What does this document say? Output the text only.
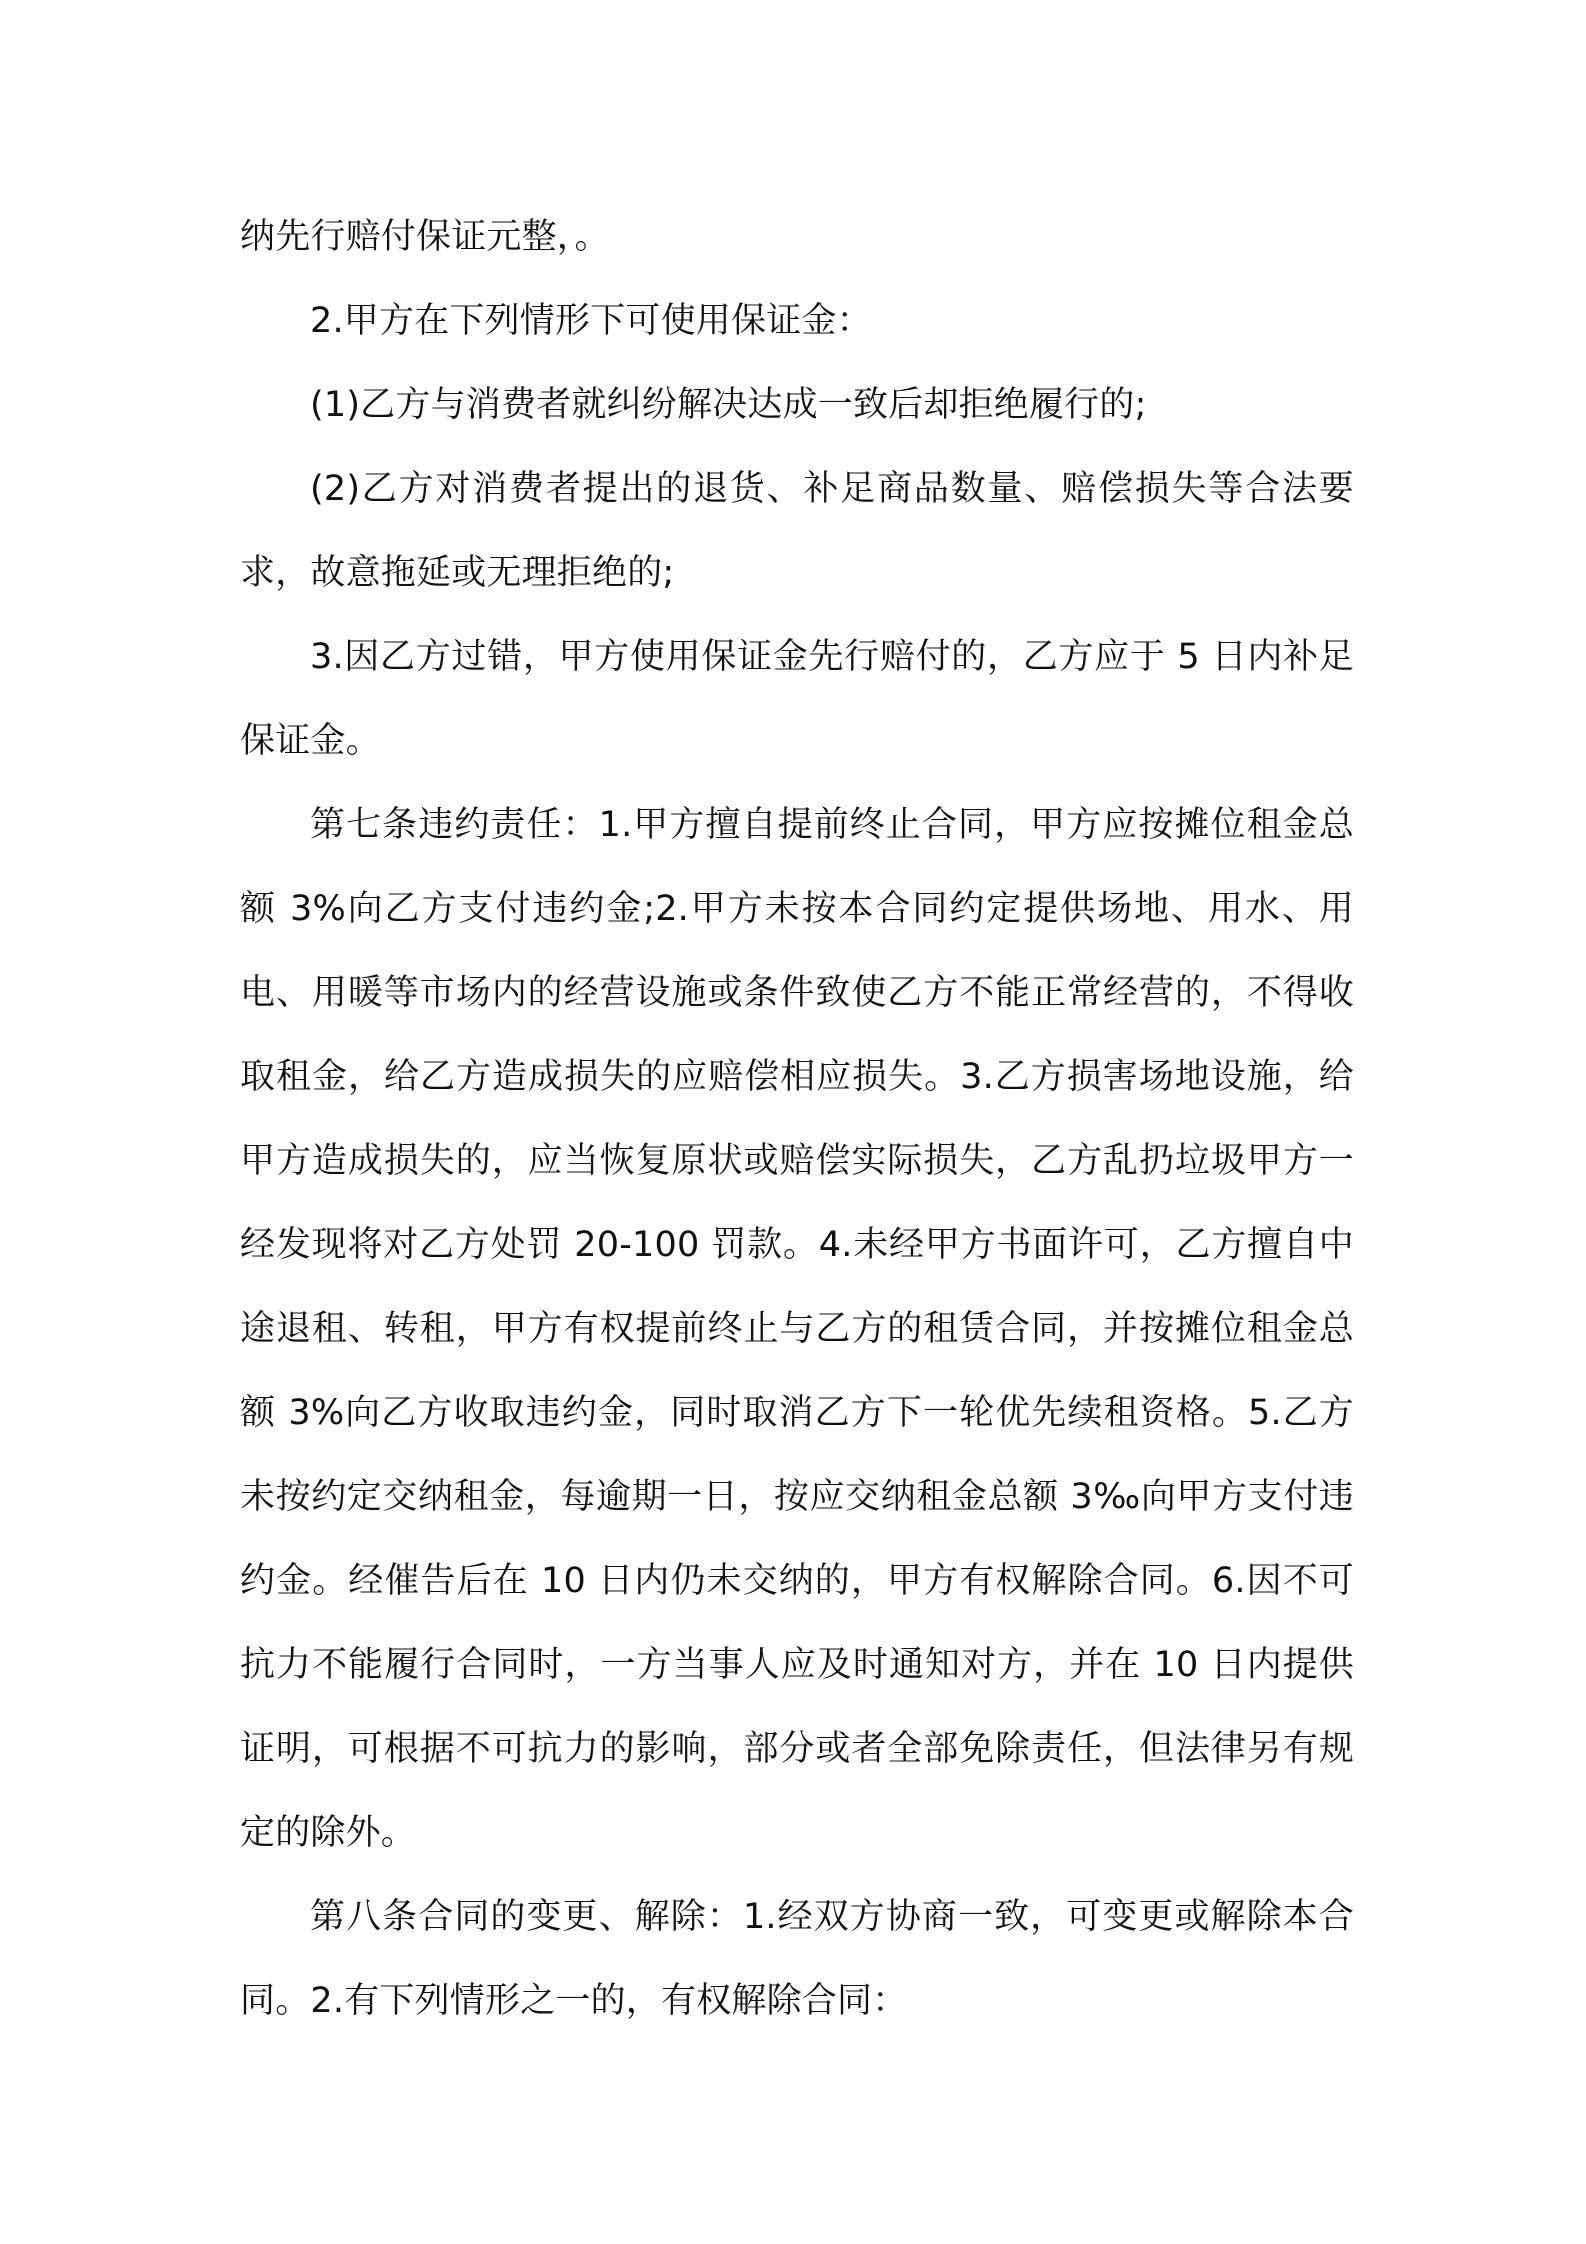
纳先行赔付保证元整，。

2.甲方在下列情形下可使用保证金：

(1)乙方与消费者就纠纷解决达成一致后却拒绝履行的;

(2)乙方对消费者提出的退货、补足商品数量、赔偿损失等合法要求，故意拖延或无理拒绝的;

3.因乙方过错，甲方使用保证金先行赔付的，乙方应于 5 日内补足保证金。

第七条违约责任：1.甲方擅自提前终止合同，甲方应按摊位租金总额 3%向乙方支付违约金;2.甲方未按本合同约定提供场地、用水、用电、用暖等市场内的经营设施或条件致使乙方不能正常经营的，不得收取租金，给乙方造成损失的应赔偿相应损失。3.乙方损害场地设施，给甲方造成损失的，应当恢复原状或赔偿实际损失，乙方乱扔垃圾甲方一经发现将对乙方处罚 20-100 罚款。4.未经甲方书面许可，乙方擅自中途退租、转租，甲方有权提前终止与乙方的租赁合同，并按摊位租金总额 3%向乙方收取违约金，同时取消乙方下一轮优先续租资格。5.乙方未按约定交纳租金，每逾期一日，按应交纳租金总额 3‰向甲方支付违约金。经催告后在 10 日内仍未交纳的，甲方有权解除合同。6.因不可抗力不能履行合同时，一方当事人应及时通知对方，并在 10 日内提供证明，可根据不可抗力的影响，部分或者全部免除责任，但法律另有规定的除外。

第八条合同的变更、解除：1.经双方协商一致，可变更或解除本合同。2.有下列情形之一的，有权解除合同：
